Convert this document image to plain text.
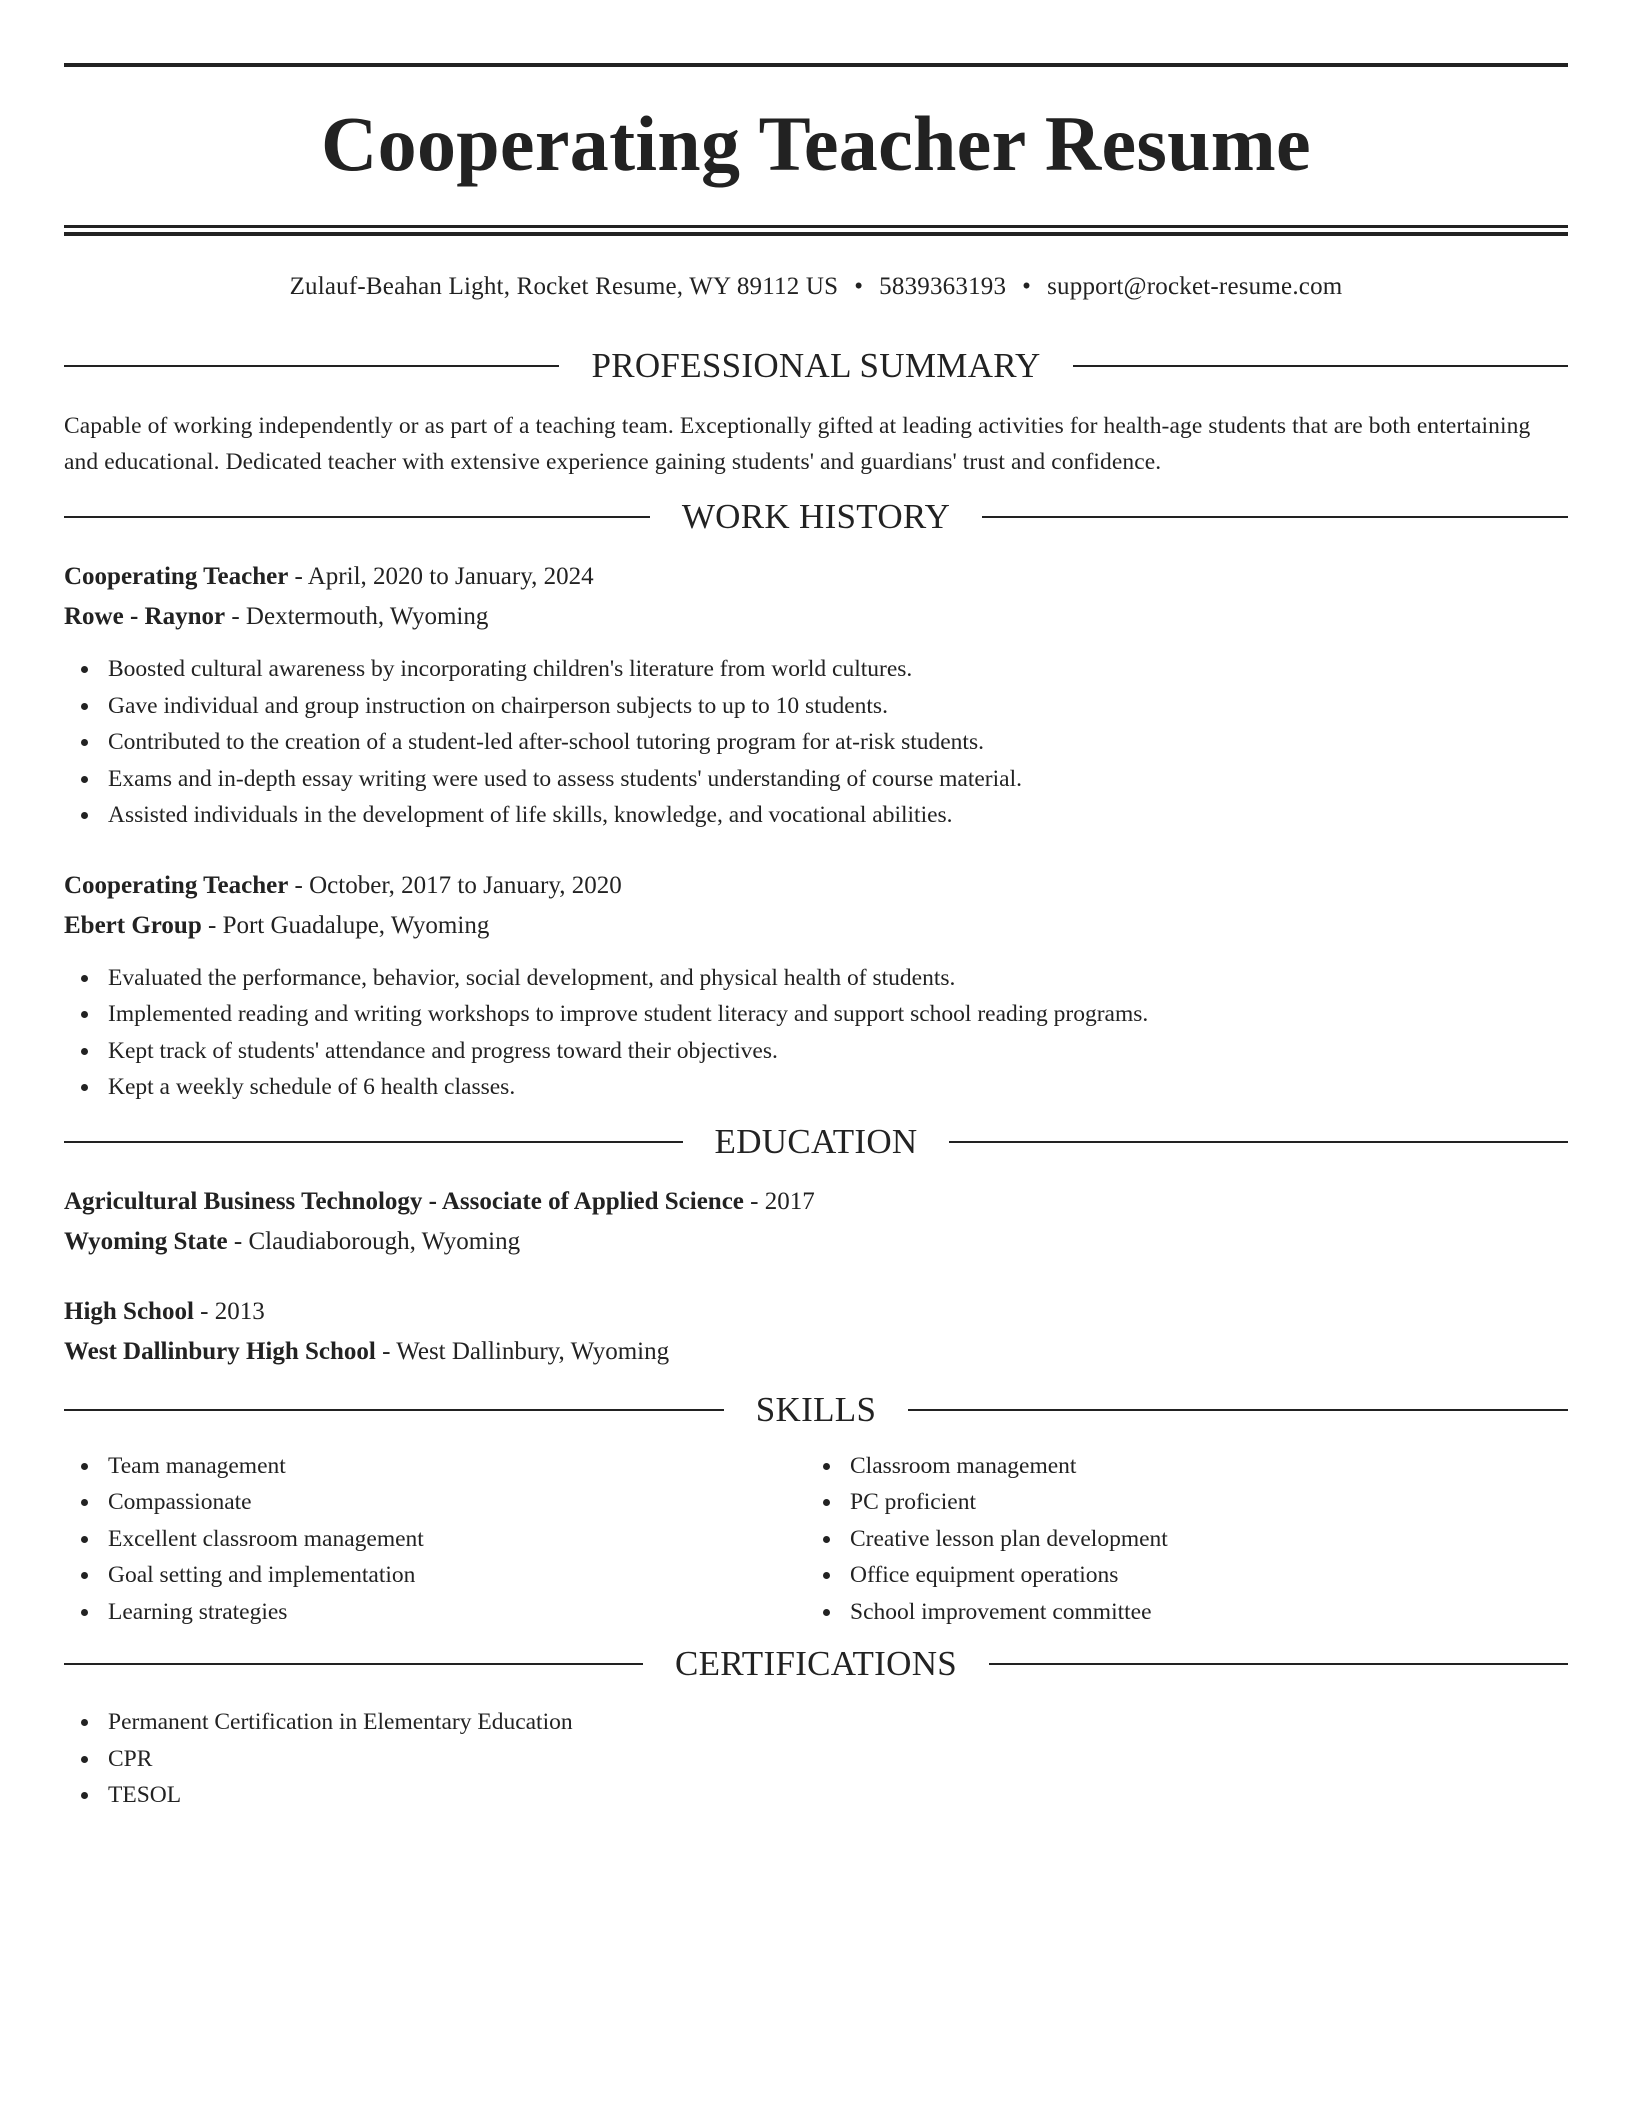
Cooperating Teacher Resume
Zulauf-Beahan Light, Rocket Resume, WY 89112 US • 5839363193 • support@rocket-resume.com
PROFESSIONAL SUMMARY

Capable of working independently or as part of a teaching team. Exceptionally gifted at leading activities for health-age students that are both entertaining and educational. Dedicated teacher with extensive experience gaining students' and guardians' trust and confidence.

WORK HISTORY
Cooperating Teacher - April, 2020 to January, 2024
Rowe - Raynor - Dextermouth, Wyoming
Boosted cultural awareness by incorporating children's literature from world cultures.
Gave individual and group instruction on chairperson subjects to up to 10 students.
Contributed to the creation of a student-led after-school tutoring program for at-risk students.
Exams and in-depth essay writing were used to assess students' understanding of course material.
Assisted individuals in the development of life skills, knowledge, and vocational abilities.
Cooperating Teacher - October, 2017 to January, 2020
Ebert Group - Port Guadalupe, Wyoming
Evaluated the performance, behavior, social development, and physical health of students.
Implemented reading and writing workshops to improve student literacy and support school reading programs.
Kept track of students' attendance and progress toward their objectives.
Kept a weekly schedule of 6 health classes.
EDUCATION
Agricultural Business Technology - Associate of Applied Science - 2017
Wyoming State - Claudiaborough, Wyoming
High School - 2013
West Dallinbury High School - West Dallinbury, Wyoming
SKILLS
Team management
Compassionate
Excellent classroom management
Goal setting and implementation
Learning strategies
Classroom management
PC proficient
Creative lesson plan development
Office equipment operations
School improvement committee
CERTIFICATIONS
Permanent Certification in Elementary Education
CPR
TESOL
